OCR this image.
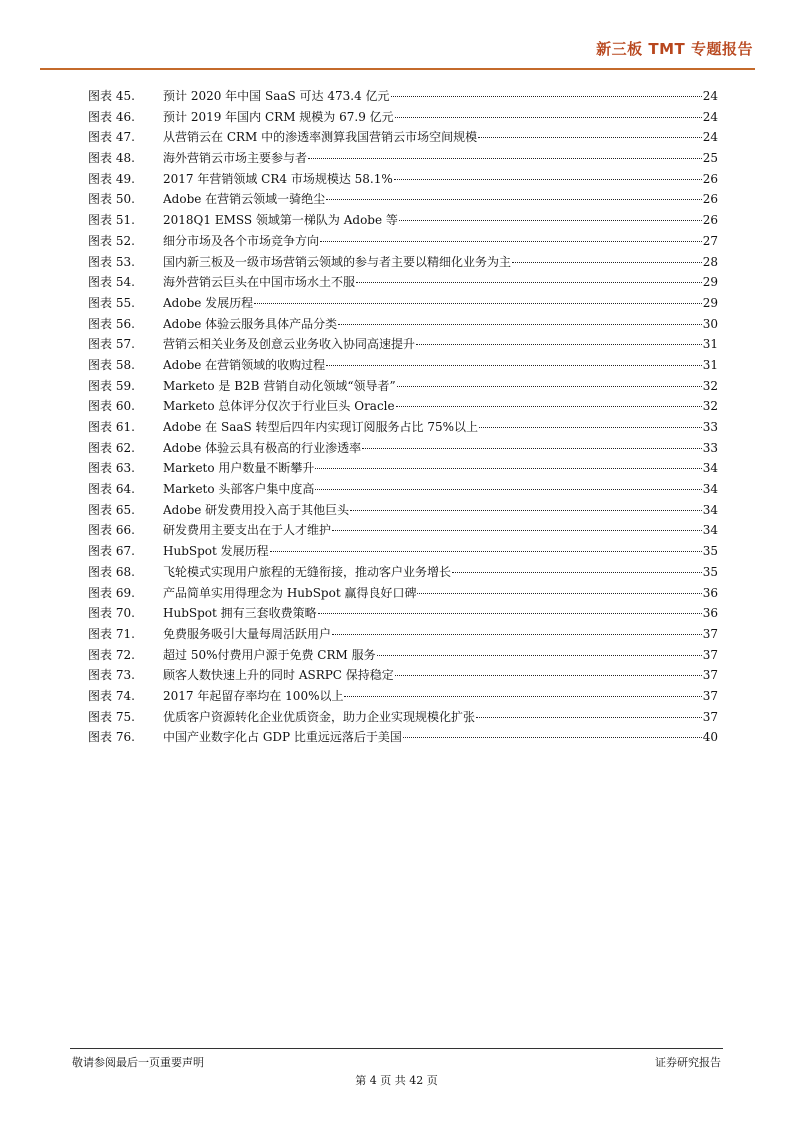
新三板 TMT 专题报告
图表 45.	预计 2020 年中国 SaaS 可达 473.4 亿元	24
图表 46.	预计 2019 年国内 CRM 规模为 67.9 亿元	24
图表 47.	从营销云在 CRM 中的渗透率测算我国营销云市场空间规模	24
图表 48.	海外营销云市场主要参与者	25
图表 49.	2017 年营销领域 CR4 市场规模达 58.1%	26
图表 50.	Adobe 在营销云领域一骑绝尘	26
图表 51.	2018Q1 EMSS 领域第一梯队为 Adobe 等	26
图表 52.	细分市场及各个市场竞争方向	27
图表 53.	国内新三板及一级市场营销云领域的参与者主要以精细化业务为主	28
图表 54.	海外营销云巨头在中国市场水土不服	29
图表 55.	Adobe 发展历程	29
图表 56.	Adobe 体验云服务具体产品分类	30
图表 57.	营销云相关业务及创意云业务收入协同高速提升	31
图表 58.	Adobe 在营销领域的收购过程	31
图表 59.	Marketo 是 B2B 营销自动化领域“领导者”	32
图表 60.	Marketo 总体评分仅次于行业巨头 Oracle	32
图表 61.	Adobe 在 SaaS 转型后四年内实现订阅服务占比 75%以上	33
图表 62.	Adobe 体验云具有极高的行业渗透率	33
图表 63.	Marketo 用户数量不断攀升	34
图表 64.	Marketo 头部客户集中度高	34
图表 65.	Adobe 研发费用投入高于其他巨头	34
图表 66.	研发费用主要支出在于人才维护	34
图表 67.	HubSpot 发展历程	35
图表 68.	飞轮模式实现用户旅程的无缝衔接，推动客户业务增长	35
图表 69.	产品简单实用得理念为 HubSpot 赢得良好口碑	36
图表 70.	HubSpot 拥有三套收费策略	36
图表 71.	免费服务吸引大量每周活跃用户	37
图表 72.	超过 50%付费用户源于免费 CRM 服务	37
图表 73.	顾客人数快速上升的同时 ASRPC 保持稳定	37
图表 74.	2017 年起留存率均在 100%以上	37
图表 75.	优质客户资源转化企业优质资金，助力企业实现规模化扩张	37
图表 76.	中国产业数字化占 GDP 比重远远落后于美国	40
敬请参阅最后一页重要声明	证券研究报告
第 4 页 共 42 页
